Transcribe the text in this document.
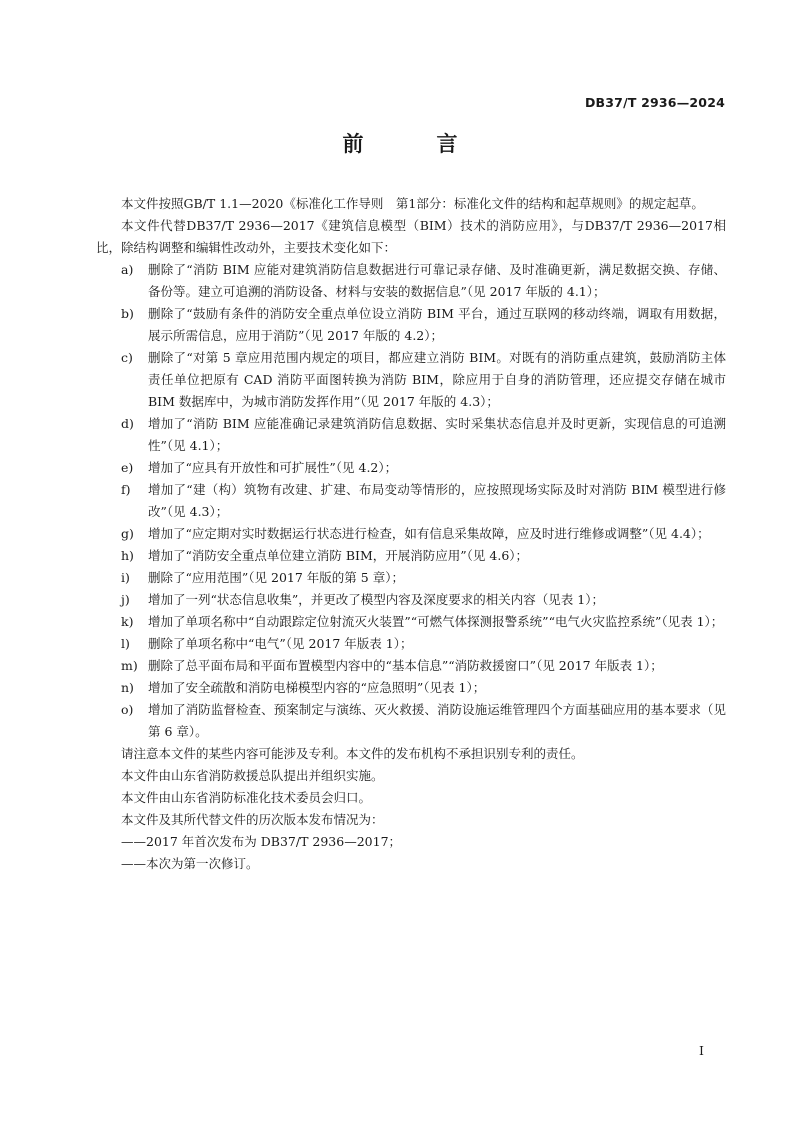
DB37/T 2936—2024
前　言

本文件按照GB/T 1.1—2020《标准化工作导则　第1部分：标准化文件的结构和起草规则》的规定起草。

本文件代替DB37/T 2936—2017《建筑信息模型（BIM）技术的消防应用》，与DB37/T 2936—2017相比，除结构调整和编辑性改动外，主要技术变化如下：

a)	删除了“消防 BIM 应能对建筑消防信息数据进行可靠记录存储、及时准确更新，满足数据交换、存储、备份等。建立可追溯的消防设备、材料与安装的数据信息”（见 2017 年版的 4.1）；
b)	删除了“鼓励有条件的消防安全重点单位设立消防 BIM 平台，通过互联网的移动终端，调取有用数据，展示所需信息，应用于消防”（见 2017 年版的 4.2）；
c)	删除了“对第 5 章应用范围内规定的项目，都应建立消防 BIM。对既有的消防重点建筑，鼓励消防主体责任单位把原有 CAD 消防平面图转换为消防 BIM，除应用于自身的消防管理，还应提交存储在城市 BIM 数据库中，为城市消防发挥作用”（见 2017 年版的 4.3）；
d)	增加了“消防 BIM 应能准确记录建筑消防信息数据、实时采集状态信息并及时更新，实现信息的可追溯性”（见 4.1）；
e)	增加了“应具有开放性和可扩展性”（见 4.2）；
f)	增加了“建（构）筑物有改建、扩建、布局变动等情形的，应按照现场实际及时对消防 BIM 模型进行修改”（见 4.3）；
g)	增加了“应定期对实时数据运行状态进行检查，如有信息采集故障，应及时进行维修或调整”（见 4.4）；
h)	增加了“消防安全重点单位建立消防 BIM，开展消防应用”（见 4.6）；
i)	删除了“应用范围”（见 2017 年版的第 5 章）；
j)	增加了一列“状态信息收集”，并更改了模型内容及深度要求的相关内容（见表 1）；
k)	增加了单项名称中“自动跟踪定位射流灭火装置”“可燃气体探测报警系统”“电气火灾监控系统”（见表 1）；
l)	删除了单项名称中“电气”（见 2017 年版表 1）；
m) 删除了总平面布局和平面布置模型内容中的“基本信息”“消防救援窗口”（见 2017 年版表 1）；
n)	增加了安全疏散和消防电梯模型内容的“应急照明”（见表 1）；
o)	增加了消防监督检查、预案制定与演练、灭火救援、消防设施运维管理四个方面基础应用的基本要求（见第 6 章）。

请注意本文件的某些内容可能涉及专利。本文件的发布机构不承担识别专利的责任。

本文件由山东省消防救援总队提出并组织实施。

本文件由山东省消防标准化技术委员会归口。

本文件及其所代替文件的历次版本发布情况为：

——2017 年首次发布为 DB37/T 2936—2017；

——本次为第一次修订。

I
